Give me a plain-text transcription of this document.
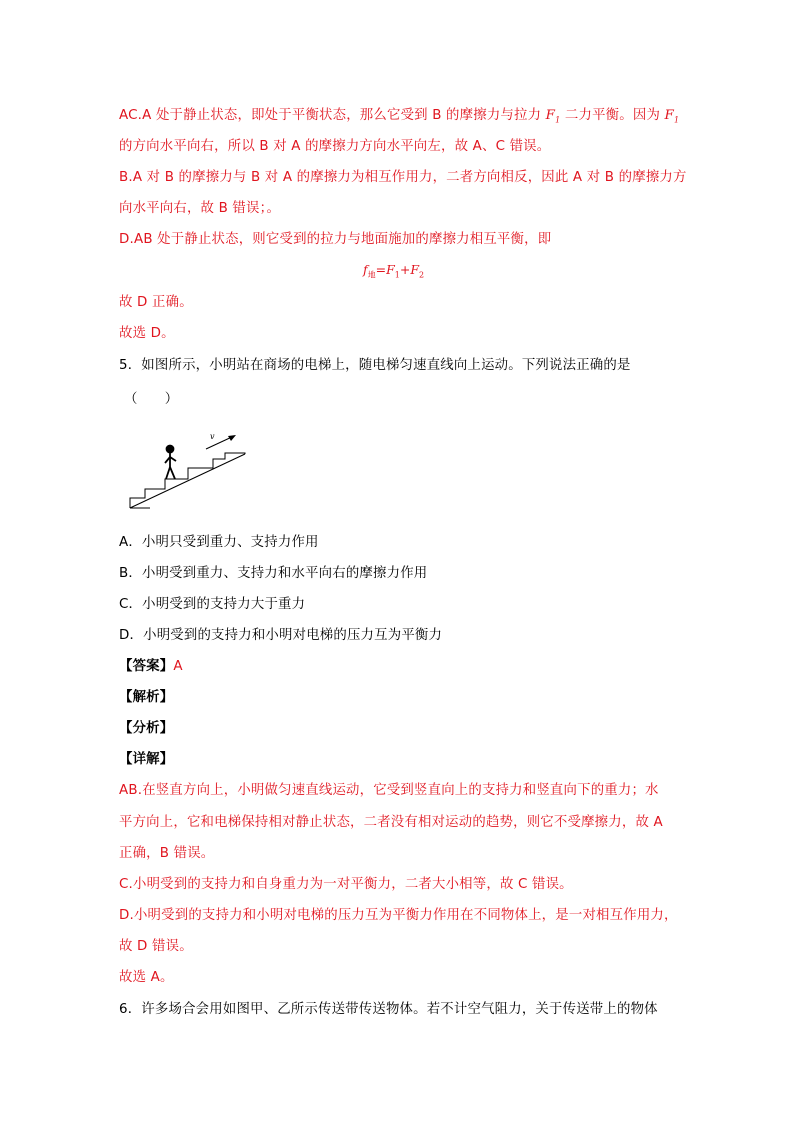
AC.A 处于静止状态，即处于平衡状态，那么它受到 B 的摩擦力与拉力 $F_1$ 二力平衡。因为 $F_1$
的方向水平向右，所以 B 对 A 的摩擦力方向水平向左，故 A、C 错误。
B.A 对 B 的摩擦力与 B 对 A 的摩擦力为相互作用力，二者方向相反，因此 A 对 B 的摩擦力方
向水平向右，故 B 错误；。
D.AB 处于静止状态，则它受到的拉力与地面施加的摩擦力相互平衡，即
$f_地=F_1+F_2$
故 D 正确。
故选 D。
5．如图所示，小明站在商场的电梯上，随电梯匀速直线向上运动。下列说法正确的是
（　　）
v
A．小明只受到重力、支持力作用
B．小明受到重力、支持力和水平向右的摩擦力作用
C．小明受到的支持力大于重力
D．小明受到的支持力和小明对电梯的压力互为平衡力
【答案】A
【解析】
【分析】
【详解】
AB.在竖直方向上，小明做匀速直线运动，它受到竖直向上的支持力和竖直向下的重力；水
平方向上，它和电梯保持相对静止状态，二者没有相对运动的趋势，则它不受摩擦力，故 A
正确，B 错误。
C.小明受到的支持力和自身重力为一对平衡力，二者大小相等，故 C 错误。
D.小明受到的支持力和小明对电梯的压力互为平衡力作用在不同物体上，是一对相互作用力，
故 D 错误。
故选 A。
6．许多场合会用如图甲、乙所示传送带传送物体。若不计空气阻力，关于传送带上的物体
